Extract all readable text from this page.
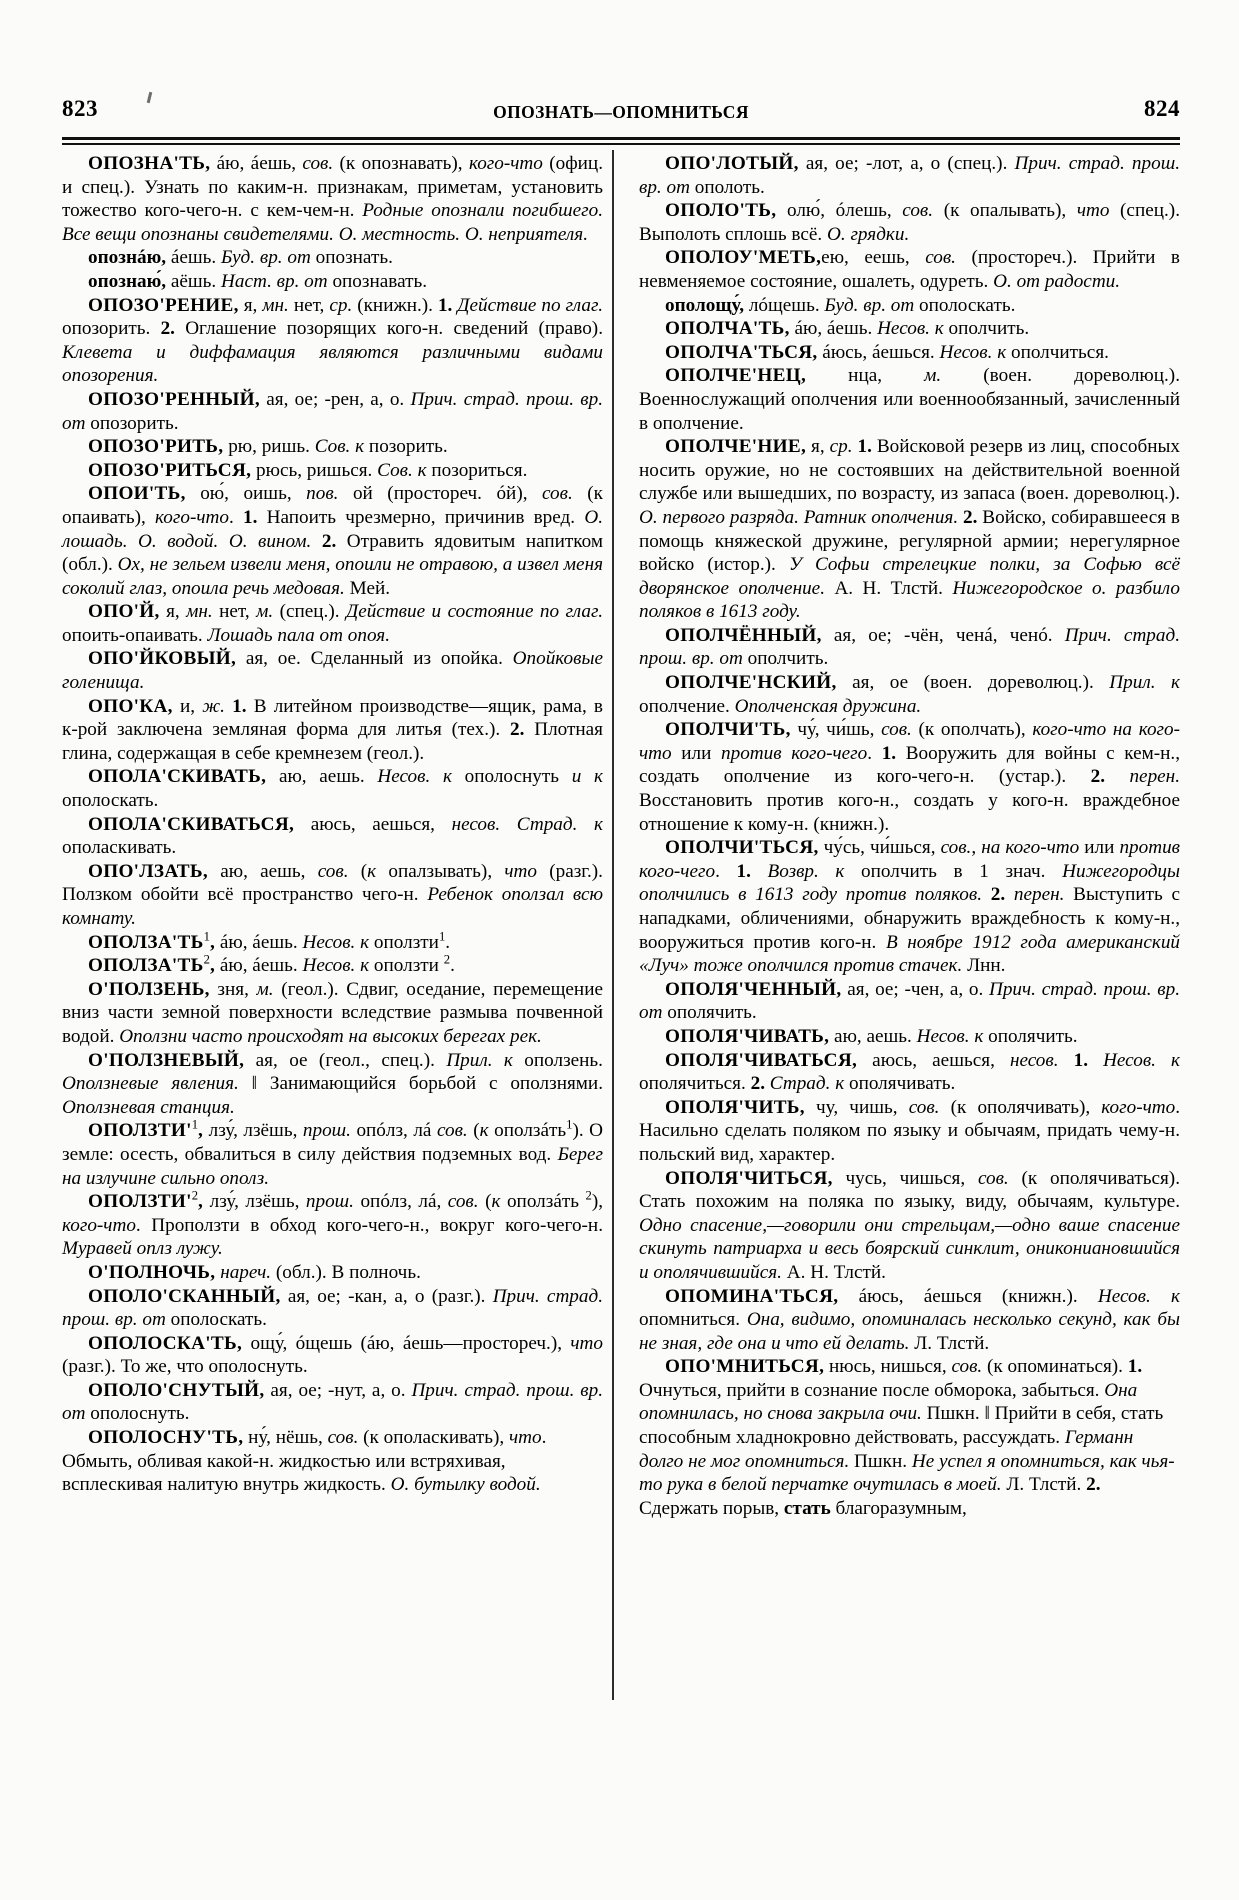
823	ОПОЗНАТЬ—ОПОМНИТЬСЯ	824

ОПОЗНА'ТЬ, áю, áешь, сов. (к опознавать), кого-что (офиц. и спец.). Узнать по каким-н. признакам, приметам, установить тожество кого-чего-н. с кем-чем-н. Родные опознали погибшего. Все вещи опознаны свидетелями. О. местность. О. неприятеля.

опознáю, áешь. Буд. вр. от опознать.

опознаю́, аёшь. Наст. вр. от опознавать.

ОПОЗО'РЕНИЕ, я, мн. нет, ср. (книжн.). 1. Действие по глаг. опозорить. 2. Оглашение позорящих кого-н. сведений (право). Клевета и диффамация являются различными видами опозорения.

ОПОЗО'РЕННЫЙ, ая, ое; -рен, а, о. Прич. страд. прош. вр. от опозорить.

ОПОЗО'РИТЬ, рю, ришь. Сов. к позорить.

ОПОЗО'РИТЬСЯ, рюсь, ришься. Сов. к позориться.

ОПОИ'ТЬ, ою́, оишь, пов. ой (простореч. óй), сов. (к опаивать), кого-что. 1. Напоить чрезмерно, причинив вред. О. лошадь. О. водой. О. вином. 2. Отравить ядовитым напитком (обл.). Ох, не зельем извели меня, опоили не отравою, а извел меня соколий глаз, опоила речь медовая. Мей.

ОПО'Й, я, мн. нет, м. (спец.). Действие и состояние по глаг. опоить-опаивать. Лошадь пала от опоя.

ОПО'ЙКОВЫЙ, ая, ое. Сделанный из опойка. Опойковые голенища.

ОПО'КА, и, ж. 1. В литейном производстве—ящик, рама, в к-рой заключена земляная форма для литья (тех.). 2. Плотная глина, содержащая в себе кремнезем (геол.).

ОПОЛА'СКИВАТЬ, аю, аешь. Несов. к ополоснуть и к ополоскать.

ОПОЛА'СКИВАТЬСЯ, аюсь, аешься, несов. Страд. к ополаскивать.

ОПО'ЛЗАТЬ, аю, аешь, сов. (к опалзывать), что (разг.). Ползком обойти всё пространство чего-н. Ребенок оползал всю комнату.

$ОПОЛЗА'ТЬ^1$, áю, áешь. Несов. к оползти$^1$.

$ОПОЛЗА'ТЬ^2$, áю, áешь. Несов. к оползти $^2$.

О'ПОЛЗЕНЬ, зня, м. (геол.). Сдвиг, оседание, перемещение вниз части земной поверхности вследствие размыва почвенной водой. Оползни часто происходят на высоких берегах рек.

О'ПОЛЗНЕВЫЙ, ая, ое (геол., спец.). Прил. к оползень. Оползневые явления. ǁ Занимающийся борьбой с оползнями. Оползневая станция.

$ОПОЛЗТИ'^1$, лзу́, лзёшь, прош. опóлз, лá сов. (к оползáть$^1$). О земле: осесть, обвалиться в силу действия подземных вод. Берег на излучине сильно ополз.

$ОПОЛЗТИ'^2$, лзу́, лзёшь, прош. опóлз, лá, сов. (к оползáть $^2$), кого-что. Проползти в обход кого-чего-н., вокруг кого-чего-н. Муравей оплз лужу.

О'ПОЛНОЧЬ, нареч. (обл.). В полночь.

ОПОЛО'СКАННЫЙ, ая, ое; -кан, а, о (разг.). Прич. страд. прош. вр. от ополоскать.

ОПОЛОСКА'ТЬ, ощу́, óщешь (áю, áешь—простореч.), что (разг.). То же, что ополоснуть.

ОПОЛО'СНУТЫЙ, ая, ое; -нут, а, о. Прич. страд. прош. вр. от ополоснуть.

ОПОЛОСНУ'ТЬ, ну́, нёшь, сов. (к ополаскивать), что. Обмыть, обливая какой-н. жидкостью или встряхивая, всплескивая налитую внутрь жидкость. О. бутылку водой.

ОПО'ЛОТЫЙ, ая, ое; -лот, а, о (спец.). Прич. страд. прош. вр. от ополоть.

ОПОЛО'ТЬ, олю́, óлешь, сов. (к опалывать), что (спец.). Выполоть сплошь всё. О. грядки.

ОПОЛОУ'МЕТЬ,ею, еешь, сов. (простореч.). Прийти в невменяемое состояние, ошалеть, одуреть. О. от радости.

ополощу́, лóщешь. Буд. вр. от ополоскать.

ОПОЛЧА'ТЬ, áю, áешь. Несов. к ополчить.

ОПОЛЧА'ТЬСЯ, áюсь, áешься. Несов. к ополчиться.

ОПОЛЧЕ'НЕЦ, нца, м. (воен. дореволюц.). Военнослужащий ополчения или военнообязанный, зачисленный в ополчение.

ОПОЛЧЕ'НИЕ, я, ср. 1. Войсковой резерв из лиц, способных носить оружие, но не состоявших на действительной военной службе или вышедших, по возрасту, из запаса (воен. дореволюц.). О. первого разряда. Ратник ополчения. 2. Войско, собиравшееся в помощь княжеской дружине, регулярной армии; нерегулярное войско (истор.). У Софьи стрелецкие полки, за Софью всё дворянское ополчение. А. Н. Тлстй. Нижегородское о. разбило поляков в 1613 году.

ОПОЛЧЁННЫЙ, ая, ое; -чён, ченá, ченó. Прич. страд. прош. вр. от ополчить.

ОПОЛЧЕ'НСКИЙ, ая, ое (воен. дореволюц.). Прил. к ополчение. Ополченская дружина.

ОПОЛЧИ'ТЬ, чу́, чи́шь, сов. (к ополчать), кого-что на кого-что или против кого-чего. 1. Вооружить для войны с кем-н., создать ополчение из кого-чего-н. (устар.). 2. перен. Восстановить против кого-н., создать у кого-н. враждебное отношение к кому-н. (книжн.).

ОПОЛЧИ'ТЬСЯ, чу́сь, чи́шься, сов., на кого-что или против кого-чего. 1. Возвр. к ополчить в 1 знач. Нижегородцы ополчились в 1613 году против поляков. 2. перен. Выступить с нападками, обличениями, обнаружить враждебность к кому-н., вооружиться против кого-н. В ноябре 1912 года американский «Луч» тоже ополчился против стачек. Лнн.

ОПОЛЯ'ЧЕННЫЙ, ая, ое; -чен, а, о. Прич. страд. прош. вр. от ополячить.

ОПОЛЯ'ЧИВАТЬ, аю, аешь. Несов. к ополячить.

ОПОЛЯ'ЧИВАТЬСЯ, аюсь, аешься, несов. 1. Несов. к ополячиться. 2. Страд. к ополячивать.

ОПОЛЯ'ЧИТЬ, чу, чишь, сов. (к ополячивать), кого-что. Насильно сделать поляком по языку и обычаям, придать чему-н. польский вид, характер.

ОПОЛЯ'ЧИТЬСЯ, чусь, чишься, сов. (к ополячиваться). Стать похожим на поляка по языку, виду, обычаям, культуре. Одно спасение,—говорили они стрельцам,—одно ваше спасение скинуть патриарха и весь боярский синклит, оникониановшийся и ополячившийся. А. Н. Тлстй.

ОПОМИНА'ТЬСЯ, áюсь, áешься (книжн.). Несов. к опомниться. Она, видимо, опоминалась несколько секунд, как бы не зная, где она и что ей делать. Л. Тлстй.

ОПО'МНИТЬСЯ, нюсь, нишься, сов. (к опоминаться). 1. Очнуться, прийти в сознание после обморока, забыться. Она опомнилась, но снова закрыла очи. Пшкн. ǁ Прийти в себя, стать способным хладнокровно действовать, рассуждать. Германн долго не мог опомниться. Пшкн. Не успел я опомниться, как чья-то рука в белой перчатке очутилась в моей. Л. Тлстй. 2. Сдержать порыв, стать благоразумным,
